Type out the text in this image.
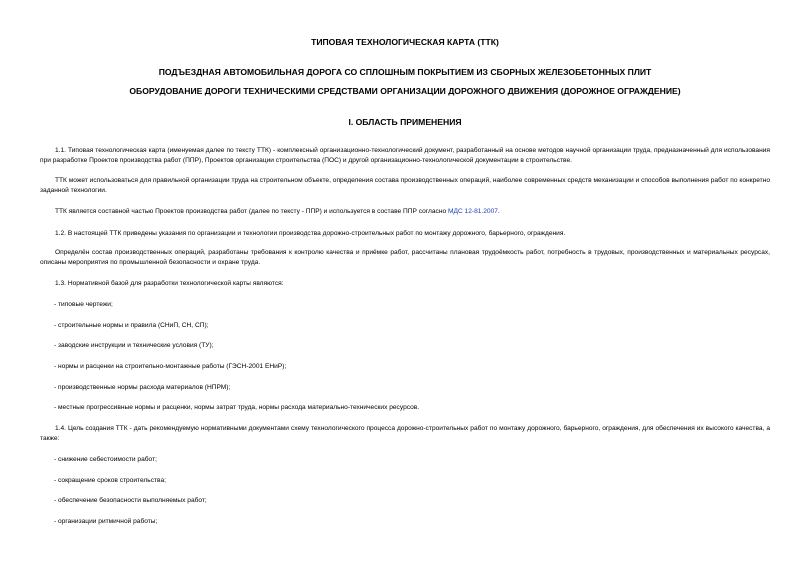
ТИПОВАЯ ТЕХНОЛОГИЧЕСКАЯ КАРТА (ТТК)
ПОДЪЕЗДНАЯ АВТОМОБИЛЬНАЯ ДОРОГА СО СПЛОШНЫМ ПОКРЫТИЕМ ИЗ СБОРНЫХ ЖЕЛЕЗОБЕТОННЫХ ПЛИТ
ОБОРУДОВАНИЕ ДОРОГИ ТЕХНИЧЕСКИМИ СРЕДСТВАМИ ОРГАНИЗАЦИИ ДОРОЖНОГО ДВИЖЕНИЯ (ДОРОЖНОЕ ОГРАЖДЕНИЕ)
I. ОБЛАСТЬ ПРИМЕНЕНИЯ
1.1. Типовая технологическая карта (именуемая далее по тексту ТТК) - комплексный организационно-технологический документ, разработанный на основе методов научной организации труда, предназначенный для использования при разработке Проектов производства работ (ППР), Проектов организации строительства (ПОС) и другой организационно-технологической документации в строительстве.
ТТК может использоваться для правильной организации труда на строительном объекте, определения состава производственных операций, наиболее современных средств механизации и способов выполнения работ по конкретно заданной технологии.
ТТК является составной частью Проектов производства работ (далее по тексту - ППР) и используется в составе ППР согласно МДС 12-81.2007.
1.2. В настоящей ТТК приведены указания по организации и технологии производства дорожно-строительных работ по монтажу дорожного, барьерного, ограждения.
Определён состав производственных операций, разработаны требования к контролю качества и приёмке работ, рассчитаны плановая трудоёмкость работ, потребность в трудовых, производственных и материальных ресурсах, описаны мероприятия по промышленной безопасности и охране труда.
1.3. Нормативной базой для разработки технологической карты являются:
- типовые чертежи;
- строительные нормы и правила (СНиП, СН, СП);
- заводские инструкции и технические условия (ТУ);
- нормы и расценки на строительно-монтажные работы (ГЭСН-2001 ЕНиР);
- производственные нормы расхода материалов (НПРМ);
- местные прогрессивные нормы и расценки, нормы затрат труда, нормы расхода материально-технических ресурсов.
1.4. Цель создания ТТК - дать рекомендуемую нормативными документами схему технологического процесса дорожно-строительных работ по монтажу дорожного, барьерного, ограждения, для обеспечения их высокого качества, а также:
- снижение себестоимости работ;
- сокращение сроков строительства;
- обеспечение безопасности выполняемых работ;
- организации ритмичной работы;
